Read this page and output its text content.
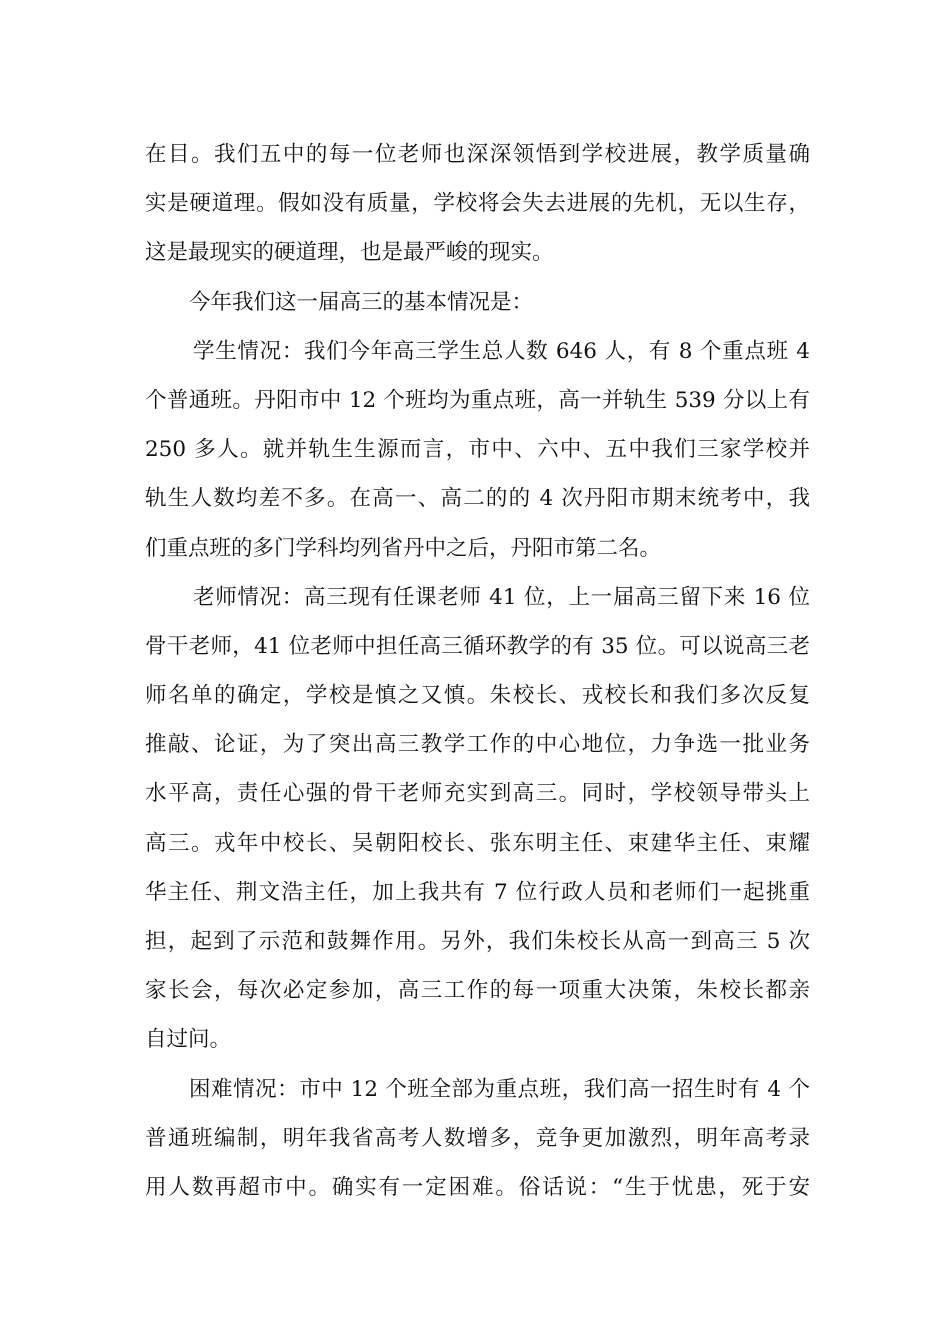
在目。我们五中的每一位老师也深深领悟到学校进展，教学质量确
实是硬道理。假如没有质量，学校将会失去进展的先机，无以生存，
这是最现实的硬道理，也是最严峻的现实。
今年我们这一届高三的基本情况是：
学生情况：我们今年高三学生总人数 646 人，有 8 个重点班 4
个普通班。丹阳市中 12 个班均为重点班，高一并轨生 539 分以上有
250 多人。就并轨生生源而言，市中、六中、五中我们三家学校并
轨生人数均差不多。在高一、高二的的 4 次丹阳市期末统考中，我
们重点班的多门学科均列省丹中之后，丹阳市第二名。
老师情况：高三现有任课老师 41 位，上一届高三留下来 16 位
骨干老师，41 位老师中担任高三循环教学的有 35 位。可以说高三老
师名单的确定，学校是慎之又慎。朱校长、戎校长和我们多次反复
推敲、论证，为了突出高三教学工作的中心地位，力争选一批业务
水平高，责任心强的骨干老师充实到高三。同时，学校领导带头上
高三。戎年中校长、吴朝阳校长、张东明主任、束建华主任、束耀
华主任、荆文浩主任，加上我共有 7 位行政人员和老师们一起挑重
担，起到了示范和鼓舞作用。另外，我们朱校长从高一到高三 5 次
家长会，每次必定参加，高三工作的每一项重大决策，朱校长都亲
自过问。
困难情况：市中 12 个班全部为重点班，我们高一招生时有 4 个
普通班编制，明年我省高考人数增多，竞争更加激烈，明年高考录
用人数再超市中。确实有一定困难。俗话说：“生于忧患，死于安
